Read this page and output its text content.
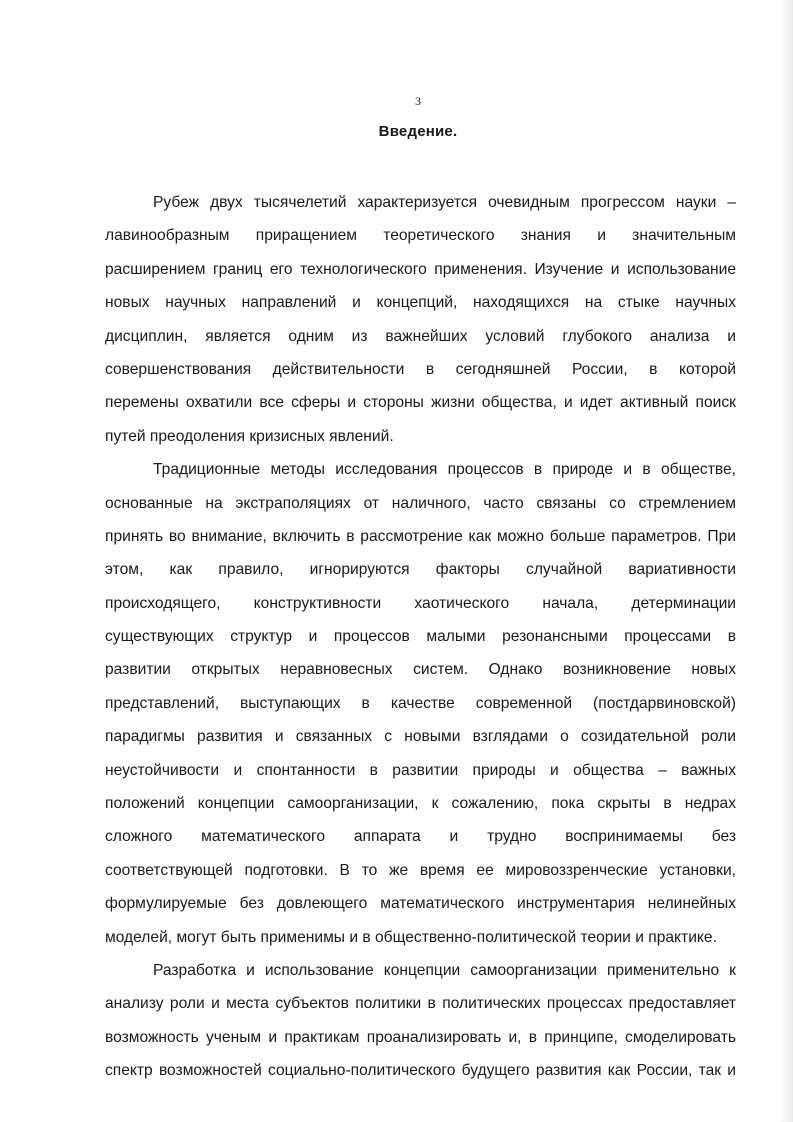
3
Введение.
Рубеж двух тысячелетий характеризуется очевидным прогрессом науки –
лавинообразным приращением теоретического знания и значительным
расширением границ его технологического применения. Изучение и использование
новых научных направлений и концепций, находящихся на стыке научных
дисциплин, является одним из важнейших условий глубокого анализа и
совершенствования действительности в сегодняшней России, в которой
перемены охватили все сферы и стороны жизни общества, и идет активный поиск
путей преодоления кризисных явлений.
Традиционные методы исследования процессов в природе и в обществе,
основанные на экстраполяциях от наличного, часто связаны со стремлением
принять во внимание, включить в рассмотрение как можно больше параметров. При
этом, как правило, игнорируются факторы случайной вариативности
происходящего, конструктивности хаотического начала, детерминации
существующих структур и процессов малыми резонансными процессами в
развитии открытых неравновесных систем. Однако возникновение новых
представлений, выступающих в качестве современной (постдарвиновской)
парадигмы развития и связанных с новыми взглядами о созидательной роли
неустойчивости и спонтанности в развитии природы и общества – важных
положений концепции самоорганизации, к сожалению, пока скрыты в недрах
сложного математического аппарата и трудно воспринимаемы без
соответствующей подготовки. В то же время ее мировоззренческие установки,
формулируемые без довлеющего математического инструментария нелинейных
моделей, могут быть применимы и в общественно-политической теории и практике.
Разработка и использование концепции самоорганизации применительно к
анализу роли и места субъектов политики в политических процессах предоставляет
возможность ученым и практикам проанализировать и, в принципе, смоделировать
спектр возможностей социально-политического будущего развития как России, так и
